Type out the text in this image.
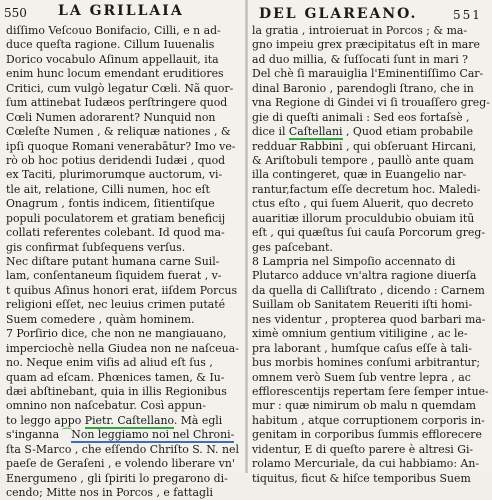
550 LA GRILLAIA
diſſimo Veſcouo Bonifacio, Cilli, e n ad-
duce queſta ragione. Cillum Iuuenalis
Dorico vocabulo Aſinum appellauit, ita
enim hunc locum emendant eruditiores
Critici, cum vulgò legatur Cœli. Nã quor-
ſum attinebat Iudæos perſtringere quod
Cœli Numen adorarent? Nunquid non
Cœleſte Numen , & reliquæ nationes , &
ipſi quoque Romani venerabātur? Imo ve-
rò ob hoc potius deridendi Iudæi , quod
ex Taciti, plurimorumque auctorum, vi-
tle ait, relatione, Cilli numen, hoc eſt
Onagrum , fontis indicem, ſitientiſque
populi poculatorem et gratiam beneficij
collati referentes colebant. Id quod ma-
gis confirmat ſubſequens verſus.
Nec diſtare putant humana carne Suil-
lam, conſentaneum ſiquidem fuerat , v-
t quibus Aſinus honori erat, iiſdem Porcus
religioni eſſet, nec leuius crimen putaté
Suem comedere , quàm hominem.
7 Porſirio dice, che non ne mangiauano,
imperciochè nella Giudea non ne naſceua-
no. Neque enim viſis ad aliud eſt ſus ,
quam ad eſcam. Phœnices tamen, & Iu-
dæi abſtinebant, quia in illis Regionibus
omnino non naſcebatur. Così appun-
to leggo appo Pietr. Caſtellano. Mà egli
s'inganna ⁀Non leggiamo noi nel Chroni-
ſta S-Marco , che eſſendo Chriſto S. N. nel
paeſe de Geraſeni , e volendo liberare vn'
Energumeno , gli ſpiriti lo pregarono di-
cendo; Mitte nos in Porcos , e fattagli
DEL GLAREANO.	551
la gratia , introieruat in Porcos ; & ma-
gno impeiu grex præcipitatus eſt in mare
ad duo millia, & ſuſſocati ſunt in mari ?
Del chè ſi marauiglia l'Eminentiſſimo Car-
dinal Baronio , parendogli ſtrano, che in
vna Regione di Gindei vi ſi trouaſſero greg-
gie di queſti animali : Sed eos fortaſsè ,
dice il Caſtellani , Quod etiam probabile
redduar Rabbini , qui obſeruant Hircani,
& Ariſtobuli tempore , paullò ante quam
illa contingeret, quæ in Euangelio nar-
rantur,factum eſſe decretum hoc. Maledi-
ctus eſto , qui ſuem Aluerit, quo decreto
auaritiæ illorum proculdubio obuiam itū
eſt , qui quæſtus ſui cauſa Porcorum greg-
ges paſcebant.
8 Lampria nel Simpoſio accennato di
Plutarco adduce vn'altra ragione diuerſa
da quella di Calliſtrato , dicendo : Carnem
Suillam ob Sanitatem Reueriti iſti homi-
nes videntur , propterea quod barbari ma-
ximè omnium gentium vitiligine , ac le-
pra laborant , humſque caſus eſſe à tali-
bus morbis homines conſumi arbitrantur;
omnem verò Suem ſub ventre lepra , ac
efflorescentijs repertam ſere ſemper intue-
mur : quæ nimirum ob malu n quemdam
habitum , atque corruptionem corporis in-
genitam in corporibus ſummis efflorecere
videntur, E di queſto parere è altresi Gi-
rolamo Mercuriale, da cui habbiamo: An-
tiquitus, ficut & hiſce temporibus Suem
